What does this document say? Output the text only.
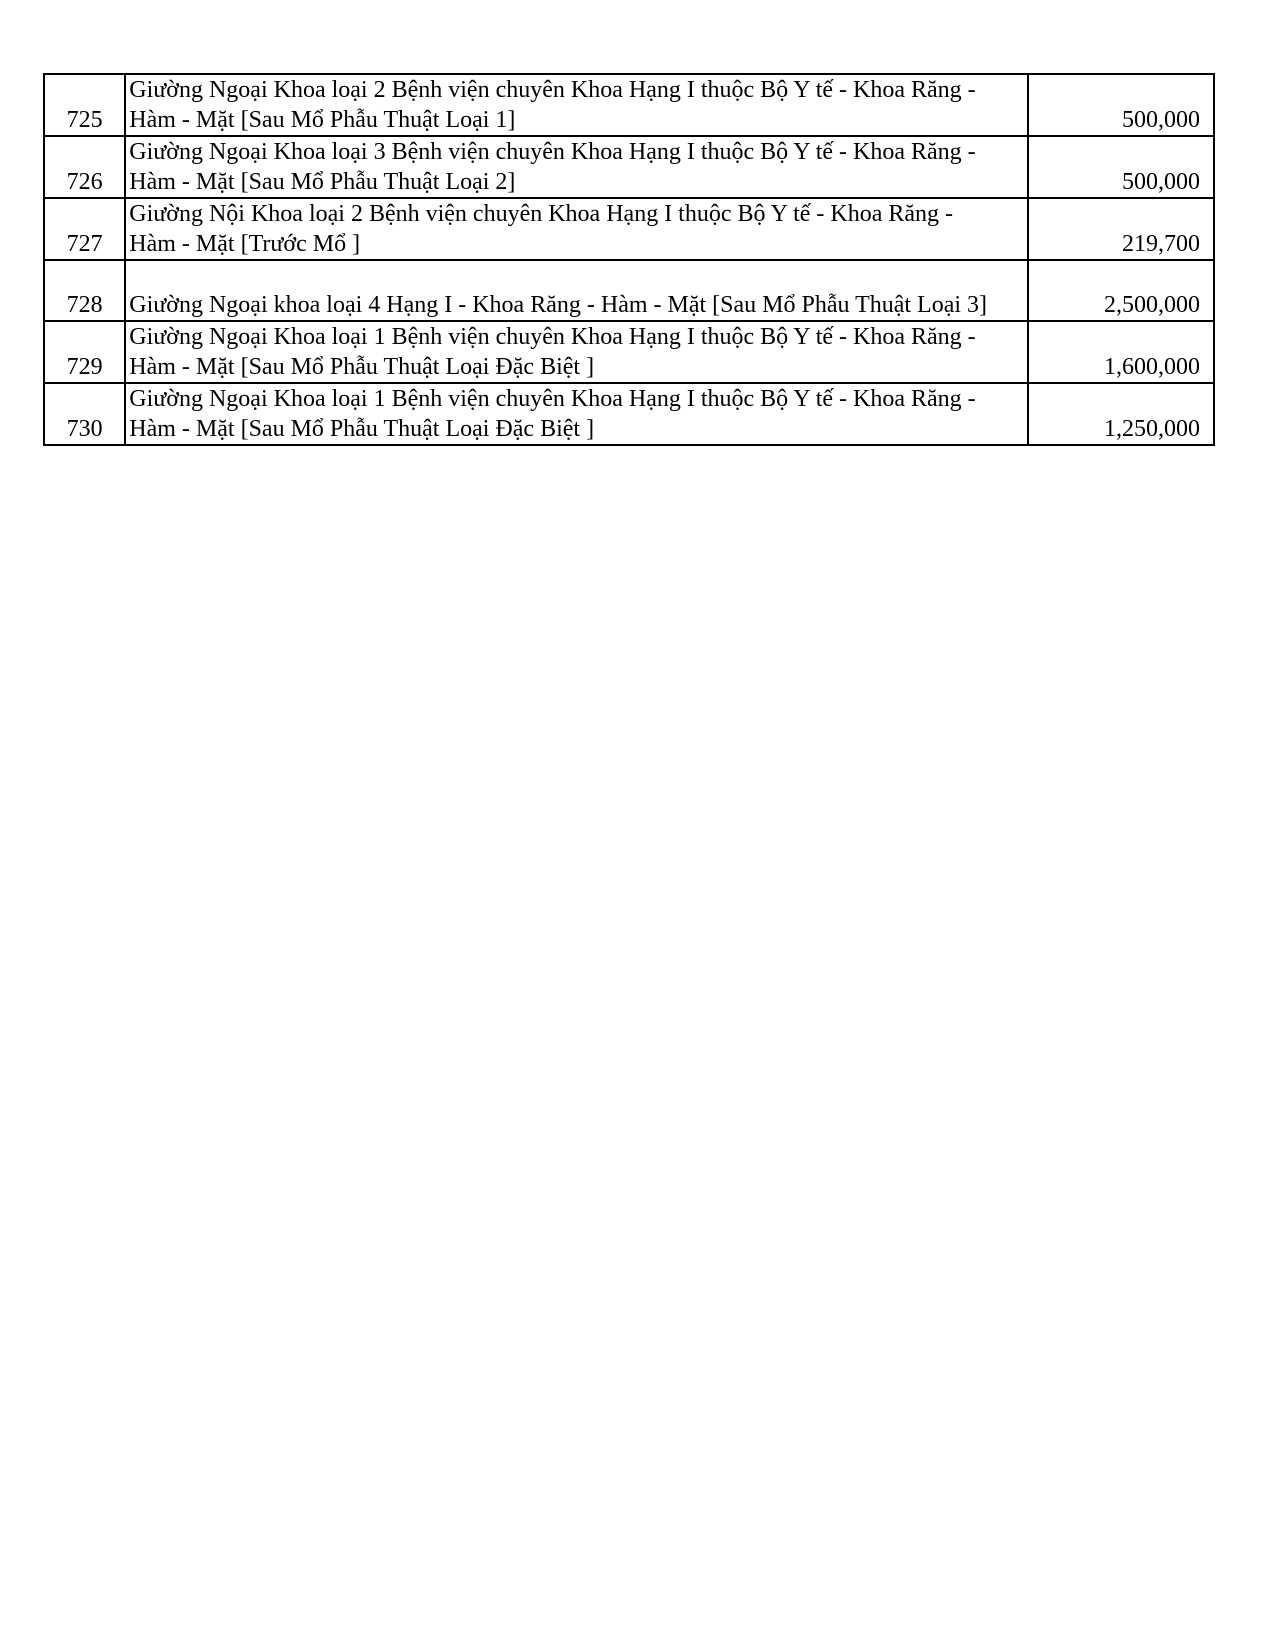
725	Giường Ngoại Khoa loại 2 Bệnh viện chuyên Khoa Hạng I thuộc Bộ Y tế - Khoa Răng -
Hàm - Mặt [Sau Mổ Phẫu Thuật Loại 1]	500,000
726	Giường Ngoại Khoa loại 3 Bệnh viện chuyên Khoa Hạng I thuộc Bộ Y tế - Khoa Răng -
Hàm - Mặt [Sau Mổ Phẫu Thuật Loại 2]	500,000
727	Giường Nội Khoa loại 2 Bệnh viện chuyên Khoa Hạng I thuộc Bộ Y tế - Khoa Răng -
Hàm - Mặt [Trước Mổ ]	219,700
728	Giường Ngoại khoa loại 4 Hạng I - Khoa Răng - Hàm - Mặt [Sau Mổ Phẫu Thuật Loại 3]	2,500,000
729	Giường Ngoại Khoa loại 1 Bệnh viện chuyên Khoa Hạng I thuộc Bộ Y tế - Khoa Răng -
Hàm - Mặt [Sau Mổ Phẫu Thuật Loại Đặc Biệt ]	1,600,000
730	Giường Ngoại Khoa loại 1 Bệnh viện chuyên Khoa Hạng I thuộc Bộ Y tế - Khoa Răng -
Hàm - Mặt [Sau Mổ Phẫu Thuật Loại Đặc Biệt ]	1,250,000
